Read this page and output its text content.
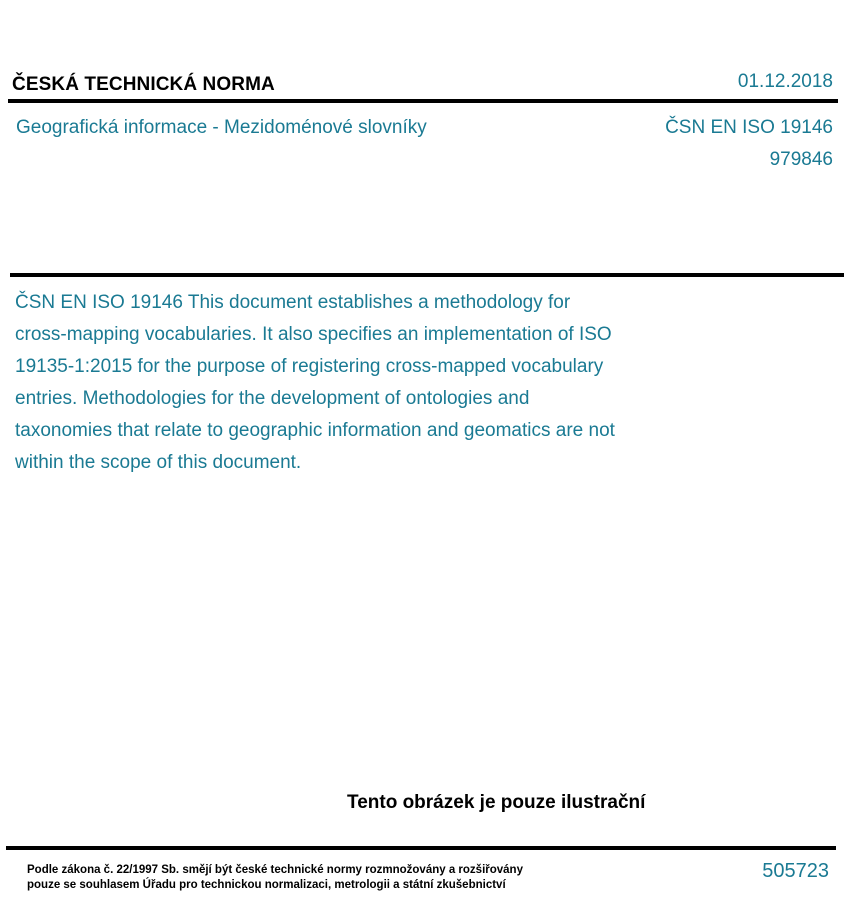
ČESKÁ TECHNICKÁ NORMA	01.12.2018
Geografická informace - Mezidoménové slovníky	ČSN EN ISO 19146
979846
ČSN EN ISO 19146 This document establishes a methodology for cross-mapping vocabularies. It also specifies an implementation of ISO 19135-1:2015 for the purpose of registering cross-mapped vocabulary entries. Methodologies for the development of ontologies and taxonomies that relate to geographic information and geomatics are not within the scope of this document.
Tento obrázek je pouze ilustrační
Podle zákona č. 22/1997 Sb. smějí být české technické normy rozmnožovány a rozšiřovány
pouze se souhlasem Úřadu pro technickou normalizaci, metrologii a státní zkušebnictví
505723
